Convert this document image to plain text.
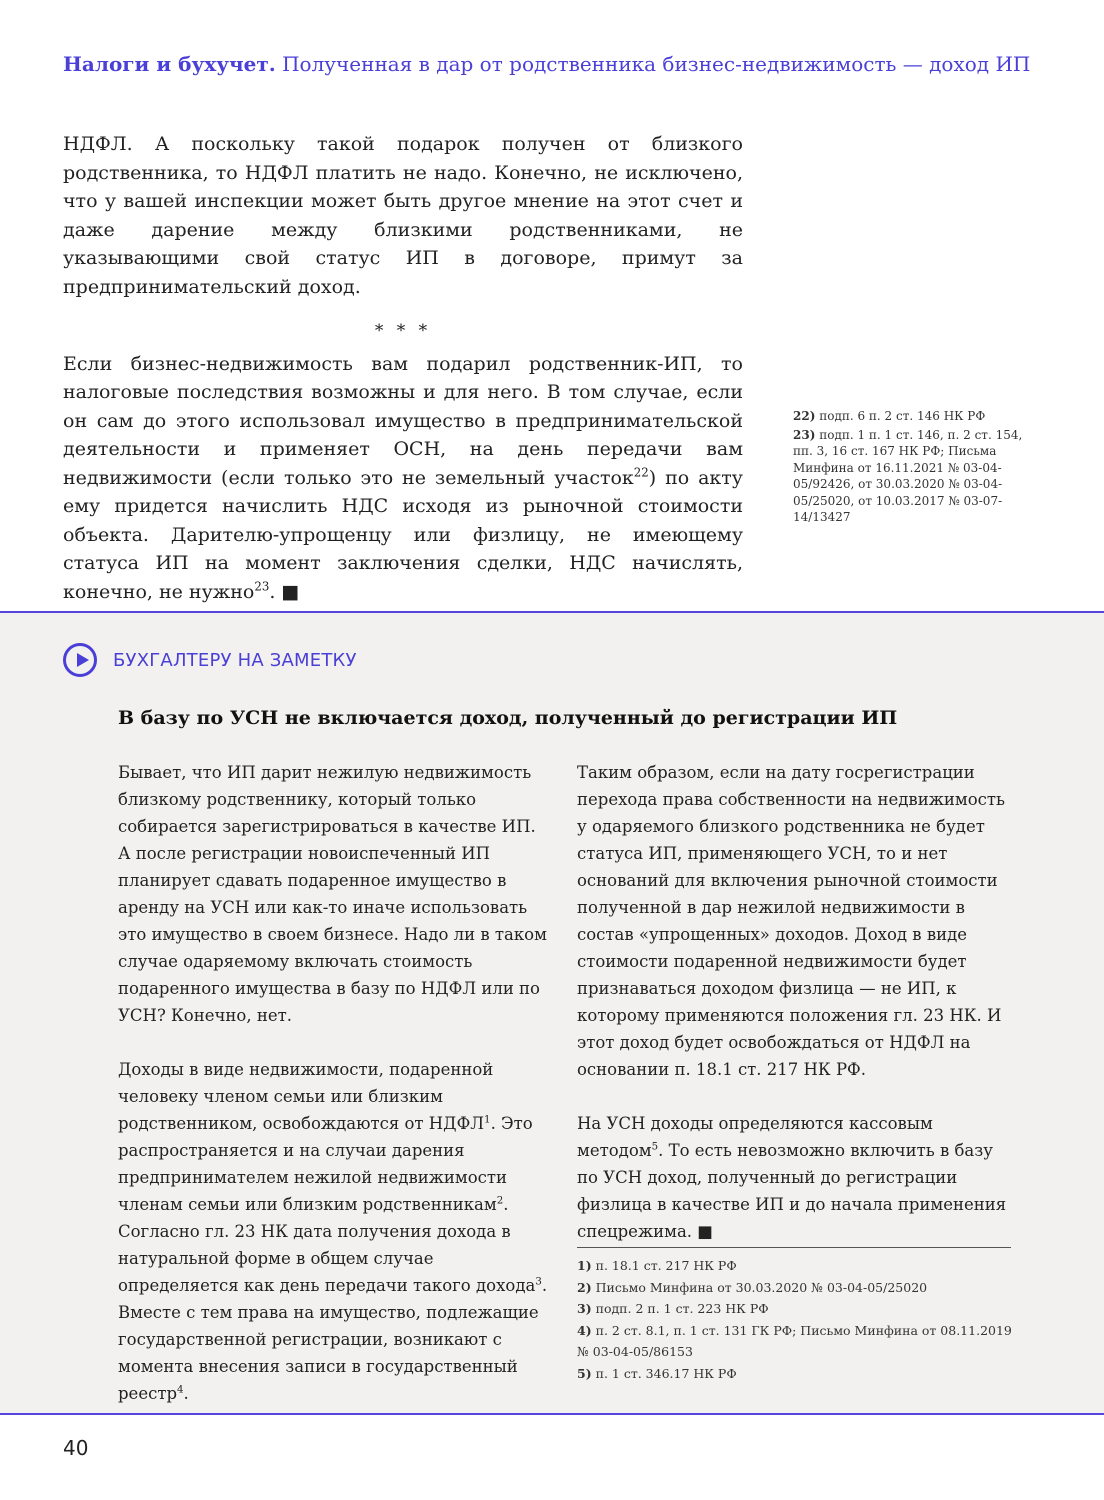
Налоги и бухучет. Полученная в дар от родственника бизнес-недвижимость — доход ИП

НДФЛ. А поскольку такой подарок получен от близкого родственника, то НДФЛ платить не надо. Конечно, не исключено, что у вашей инспекции может быть другое мнение на этот счет и даже дарение между близкими родственниками, не указывающими свой статус ИП в договоре, примут за предпринимательский доход.

* * *

Если бизнес-недвижимость вам подарил родственник-ИП, то налоговые последствия возможны и для него. В том случае, если он сам до этого использовал имущество в предпринимательской деятельности и применяет ОСН, на день передачи вам недвижимости (если только это не земельный участок$^{22}$) по акту ему придется начислить НДС исходя из рыночной стоимости объекта. Дарителю-упрощенцу или физлицу, не имеющему статуса ИП на момент заключения сделки, НДС начислять, конечно, не нужно$^{23}$. ■

22) подп. 6 п. 2 ст. 146 НК РФ
23) подп. 1 п. 1 ст. 146, п. 2 ст. 154, пп. 3, 16 ст. 167 НК РФ; Письма Минфина от 16.11.2021 № 03-04-05/92426, от 30.03.2020 № 03-04-05/25020, от 10.03.2017 № 03-07-14/13427
БУХГАЛТЕРУ НА ЗАМЕТКУ
В базу по УСН не включается доход, полученный до регистрации ИП

Бывает, что ИП дарит нежилую недвижимость близкому родственнику, который только собирается зарегистрироваться в качестве ИП. А после регистрации новоиспеченный ИП планирует сдавать подаренное имущество в аренду на УСН или как-то иначе использовать это имущество в своем бизнесе. Надо ли в таком случае одаряемому включать стоимость подаренного имущества в базу по НДФЛ или по УСН? Конечно, нет.

Доходы в виде недвижимости, подаренной человеку членом семьи или близким родственником, освобождаются от НДФЛ$^1$. Это распространяется и на случаи дарения предпринимателем нежилой недвижимости членам семьи или близким родственникам$^2$. Согласно гл. 23 НК дата получения дохода в натуральной форме в общем случае определяется как день передачи такого дохода$^3$. Вместе с тем права на имущество, подлежащие государственной регистрации, возникают с момента внесения записи в государственный реестр$^4$.

Таким образом, если на дату госрегистрации перехода права собственности на недвижимость у одаряемого близкого родственника не будет статуса ИП, применяющего УСН, то и нет оснований для включения рыночной стоимости полученной в дар нежилой недвижимости в состав «упрощенных» доходов. Доход в виде стоимости подаренной недвижимости будет признаваться доходом физлица — не ИП, к которому применяются положения гл. 23 НК. И этот доход будет освобождаться от НДФЛ на основании п. 18.1 ст. 217 НК РФ.

На УСН доходы определяются кассовым методом$^5$. То есть невозможно включить в базу по УСН доход, полученный до регистрации физлица в качестве ИП и до начала применения спецрежима. ■

1) п. 18.1 ст. 217 НК РФ
2) Письмо Минфина от 30.03.2020 № 03-04-05/25020
3) подп. 2 п. 1 ст. 223 НК РФ
4) п. 2 ст. 8.1, п. 1 ст. 131 ГК РФ; Письмо Минфина от 08.11.2019 № 03-04-05/86153
5) п. 1 ст. 346.17 НК РФ
40
